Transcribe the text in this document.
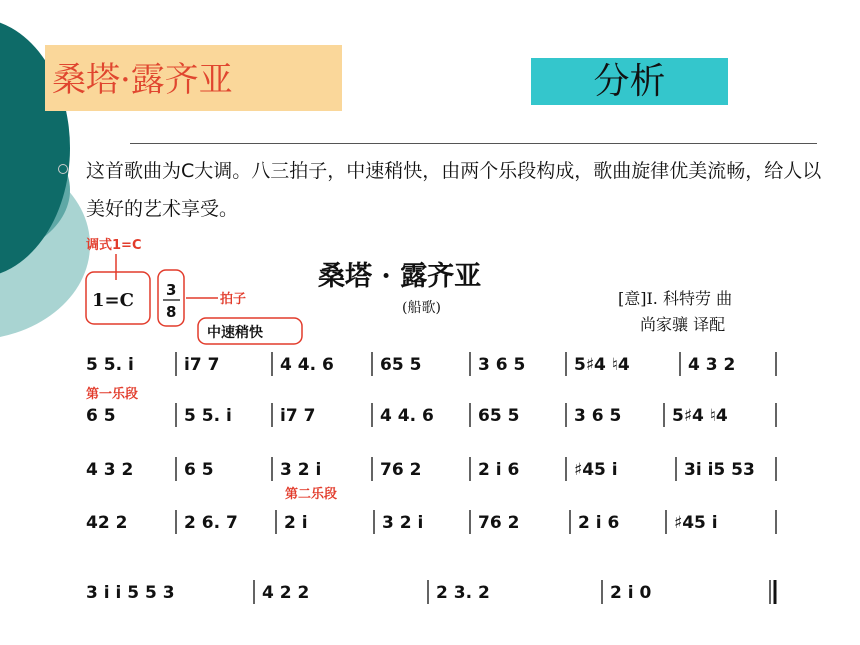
桑塔·露齐亚	分析
这首歌曲为C大调。八三拍子，中速稍快，由两个乐段构成，歌曲旋律优美流畅，给人以美好的艺术享受。
调式1=C
1=C 3
8
拍子
中速稍快
桑塔 · 露齐亚
(船歌)	[意]I. 科特劳 曲
尚家骧 译配
第一乐段
第二乐段
5 5. i	i7 7	4 4. 6	65 5	3 6 5	5♯4 ♮4	4 3 2
6 5	5 5. i	i7 7	4 4. 6	65 5	3 6 5	5♯4 ♮4
4 3 2	6 5	3 2 i	76 2	2 i 6	♯45 i	3i i5 53
42 2	2 6. 7	2 i	3 2 i	76 2	2 i 6	♯45 i
3 i i 5 5 3	4 2 2	2 3. 2	2 i 0
